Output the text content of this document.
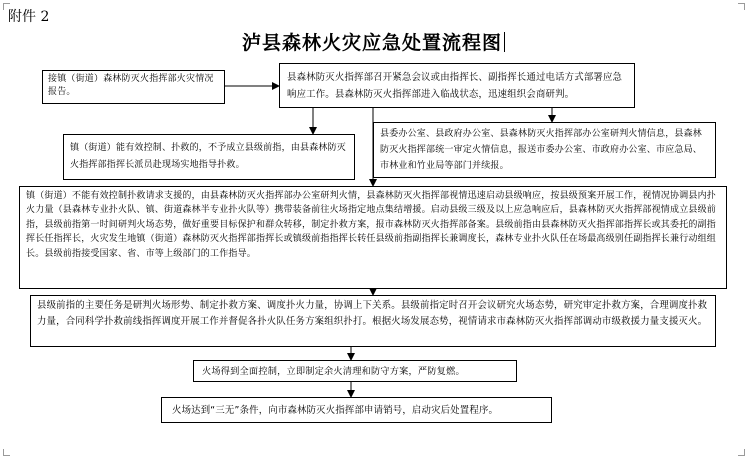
附件 2
泸县森林火灾应急处置流程图
接镇（街道）森林防灭火指挥部火灾情况报告。
县森林防灭火指挥部召开紧急会议或由指挥长、副指挥长通过电话方式部署应急响应工作。县森林防灭火指挥部进入临战状态，迅速组织会商研判。
镇（街道）能有效控制、扑救的，不予成立县级前指，由县森林防灭火指挥部指挥长派员赴现场实地指导扑救。
县委办公室、县政府办公室、县森林防灭火指挥部办公室研判火情信息，县森林防灭火指挥部统一审定火情信息，报送市委办公室、市政府办公室、市应急局、市林业和竹业局等部门并续报。
镇（街道）不能有效控制扑救请求支援的，由县森林防灭火指挥部办公室研判火情，县森林防灭火指挥部视情迅速启动县级响应，按县级预案开展工作，视情况协调县内扑火力量（县森林专业扑火队、镇、街道森林半专业扑火队等）携带装备前往火场指定地点集结增援。启动县级三级及以上应急响应后，县森林防灭火指挥部视情成立县级前指，县级前指第一时间研判火场态势，做好重要目标保护和群众转移，制定扑救方案，报市森林防灭火指挥部备案。县级前指由县森林防灭火指挥部指挥长或其委托的副指挥长任指挥长，火灾发生地镇（街道）森林防灭火指挥部指挥长或镇级前指指挥长转任县级前指副指挥长兼调度长，森林专业扑火队任在场最高级别任副指挥长兼行动组组长。县级前指接受国家、省、市等上级部门的工作指导。
县级前指的主要任务是研判火场形势、制定扑救方案、调度扑火力量，协调上下关系。县级前指定时召开会议研究火场态势，研究审定扑救方案，合理调度扑救力量，合同科学扑救前线指挥调度开展工作并督促各扑火队任务方案组织扑打。根据火场发展态势，视情请求市森林防灭火指挥部调动市级救援力量支援灭火。
火场得到全面控制，立即制定余火清理和防守方案，严防复燃。
火场达到“三无”条件，向市森林防灭火指挥部申请销号，启动灾后处置程序。
